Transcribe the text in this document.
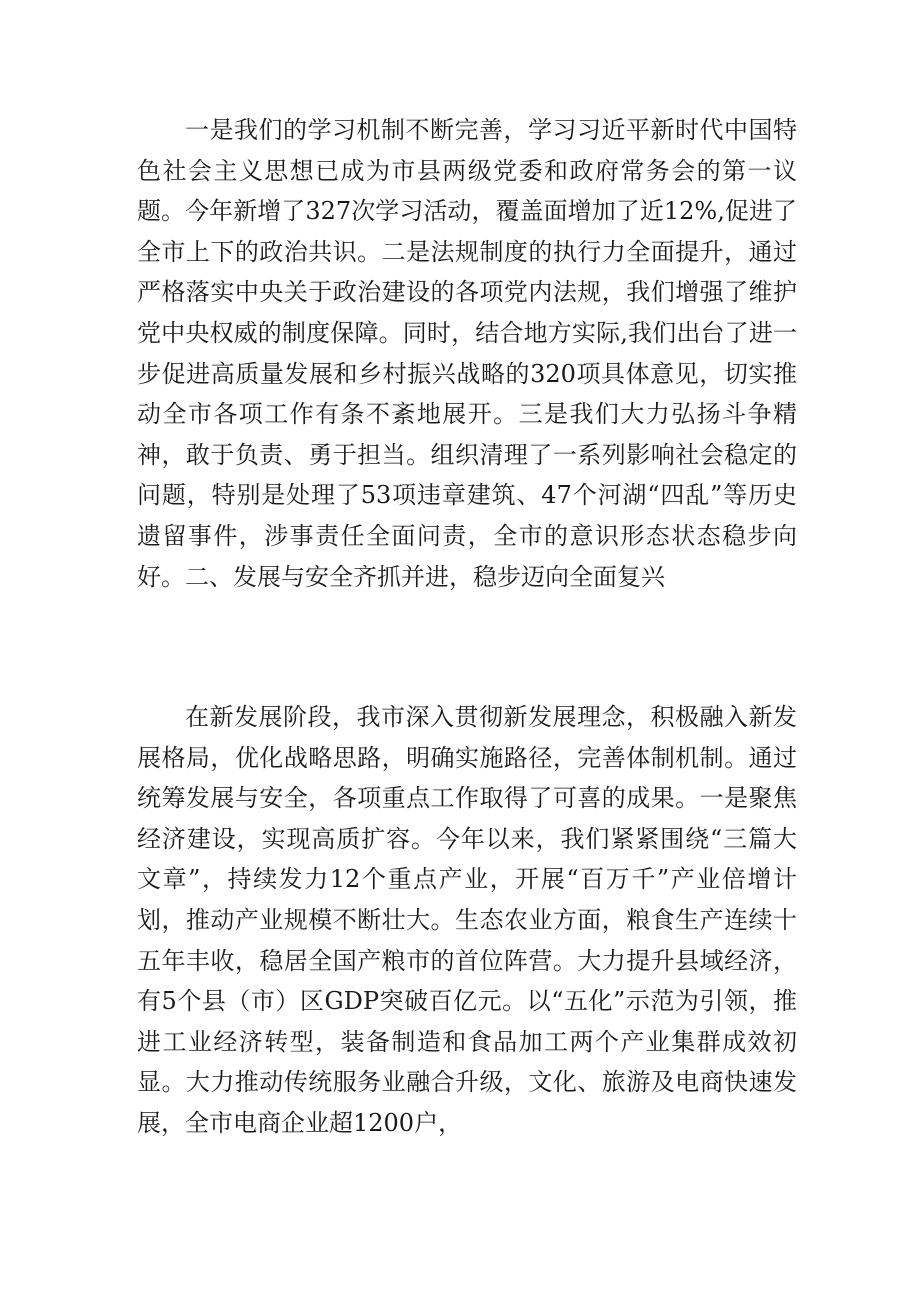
一是我们的学习机制不断完善，学习习近平新时代中国特色社会主义思想已成为市县两级党委和政府常务会的第一议题。今年新增了327次学习活动，覆盖面增加了近12%,促进了全市上下的政治共识。二是法规制度的执行力全面提升，通过严格落实中央关于政治建设的各项党内法规，我们增强了维护党中央权威的制度保障。同时，结合地方实际,我们出台了进一步促进高质量发展和乡村振兴战略的320项具体意见，切实推动全市各项工作有条不紊地展开。三是我们大力弘扬斗争精神，敢于负责、勇于担当。组织清理了一系列影响社会稳定的问题，特别是处理了53项违章建筑、47个河湖“四乱”等历史遗留事件，涉事责任全面问责，全市的意识形态状态稳步向好。二、发展与安全齐抓并进，稳步迈向全面复兴

在新发展阶段，我市深入贯彻新发展理念，积极融入新发展格局，优化战略思路，明确实施路径，完善体制机制。通过统筹发展与安全，各项重点工作取得了可喜的成果。一是聚焦经济建设，实现高质扩容。今年以来，我们紧紧围绕“三篇大文章”，持续发力12个重点产业，开展“百万千”产业倍增计划，推动产业规模不断壮大。生态农业方面，粮食生产连续十五年丰收，稳居全国产粮市的首位阵营。大力提升县域经济，有5个县（市）区GDP突破百亿元。以“五化”示范为引领，推进工业经济转型，装备制造和食品加工两个产业集群成效初显。大力推动传统服务业融合升级，文化、旅游及电商快速发展，全市电商企业超1200户，
